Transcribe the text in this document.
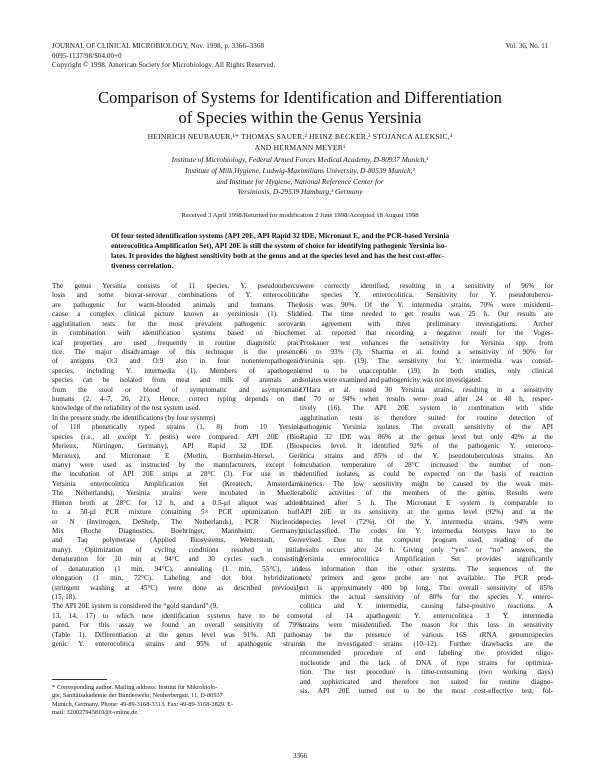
JOURNAL OF CLINICAL MICROBIOLOGY, Nov. 1998, p. 3366–3368
0095-1137/98/$04.00+0
Copyright © 1998, American Society for Microbiology. All Rights Reserved.
Vol. 36, No. 11
Comparison of Systems for Identification and Differentiation
of Species within the Genus Yersinia
HEINRICH NEUBAUER,¹* THOMAS SAUER,² HEINZ BECKER,² STOJANCA ALEKSIC,³
AND HERMANN MEYER¹
Institute of Microbiology, Federal Armed Forces Medical Academy, D-80937 Munich,¹
Institute of Milk Hygiene, Ludwig-Maximilians University, D-80539 Munich,²
and Institute for Hygiene, National Reference Center for
Yersiniosis, D-29539 Hamburg,³ Germany
Received 3 April 1998/Returned for modification 2 June 1998/Accepted 18 August 1998
Of four tested identification systems (API 20E, API Rapid 32 IDE, Micronaut E, and the PCR-based Yersinia
enterocolitica Amplification Set), API 20E is still the system of choice for identifying pathogenic Yersinia iso-
lates. It provides the highest sensitivity both at the genus and at the species level and has the best cost-effec-
tiveness correlation.
The genus Yersinia consists of 11 species. Y. pseudotubercu-
losis and some biovar-serovar combinations of Y. enterocolitica
are pathogenic for warm-blooded animals and humans. They
cause a complex clinical picture known as yersiniosis (1). Slide
agglutination tests for the most prevalent pathogenic serovars
in combination with identification systems based on biochem-
ical properties are used frequently in routine diagnostic prac-
tice. The major disadvantage of this technique is the presence
of antigens O:3 and O:9 also in four nonenteropathogenic
species, including Y. intermedia (1). Members of apathogenic
species can be isolated from meat and milk of animals and
from the stool or blood of symptomatic and asymptomatic
humans (2, 4–7, 20, 21). Hence, correct typing depends on the
knowledge of the reliability of the test system used.
In the present study, the identifications (by four systems)
of 118 phenetically typed strains (1, 8) from 10 Yersinia
species (i.e., all except Y. pestis) were compared. API 20E (Bio-
Merieux, Nürtingen, Germany), API Rapid 32 IDE (Bio-
Merieux), and Micronaut E (Merlin, Bornheim-Hersel, Ger-
many) were used as instructed by the manufacturers, except for
the incubation of API 20E strips at 28°C (3). For use in the
Yersinia enterocolitica Amplification Set (Kreatech, Amsterdam,
The Netherlands), Yersinia strains were incubated in Mueller-
Hinton broth at 28°C for 12 h, and a 0.5-µl aliquot was added
to a 50-µl PCR mixture containing 5× PCR optimization buff-
er N (Invitrogen, DeShelp, The Netherlands), PCR Nucleotide
Mix (Roche Diagnostics, Boehringer, Mannheim, Germany),
and Taq polymerase (Applied Biosystems, Weiterstadt, Ger-
many). Optimization of cycling conditions resulted in initial
denaturation for 10 min at 94°C and 30 cycles each consisting
of denaturation (1 min, 94°C), annealing (1 min, 55°C), and
elongation (1 min, 72°C). Labeling and dot blot hybridization
(stringent washing at 45°C) were done as described previously
(15, 18).
The API 20E system is considered the “gold standard” (9,
13, 14, 17) to which new identification systems have to be com-
pared. For this assay we found an overall sensitivity of 79%
(Table 1). Differentiation at the genus level was 91%. All patho-
genic Y. enterocolitica strains and 95% of apathogenic strains
were correctly identified, resulting in a sensitivity of 96% for
the species Y. enterocolitica. Sensitivity for Y. pseudotubercu-
losis was 90%. Of the Y. intermedia strains, 70% were misidenti-
fied. The time needed to get results was 25 h. Our results are
in agreement with three preliminary investigations. Archer
et al. reported that recording a negative result for the Voges-
Proskauer test enhances the sensitivity for Yersinia spp. from
66 to 93% (3). Sharma et al. found a sensitivity of 90% for
Yersinia spp. (19). The sensitivity for Y. intermedia was consid-
ered to be unacceptable (19). In both studies, only clinical
isolates were examined and pathogenicity was not investigated.
O'Hara et al. tested 30 Yersinia strains, resulting in a sensitivity
of 70 or 94% when results were read after 24 or 48 h, respec-
tively (16). The API 20E system in combination with slide
agglutination tests is therefore suited for routine detection of
pathogenic Yersinia isolates. The overall sensitivity of the API
Rapid 32 IDE was 86% at the genus level but only 42% at the
species level. It identified 92% of the pathogenic Y. enteroco-
litica strains and 85% of the Y. pseudotuberculosis strains. An
incubation temperature of 28°C increased the number of non-
identified isolates, as could be expected on the basis of reaction
kinetics. The low sensitivity might be caused by the weak met-
abolic activities of the members of the genus. Results were
obtained after 5 h. The Micronaut E system is comparable to
API 20E in its sensitivity at the genus level (92%) and at the
species level (72%). Of the Y. intermedia strains, 94% were
misclassified. The codes for Y. intermedia biotypes have to be
revised. Due to the computer program used, reading of the
results occurs after 24 h. Giving only “yes” or “no” answers, the
Yersinia enterocolitica Amplification Set provides significantly
less information than the other systems. The sequences of the
sets' primers and gene probe are not available. The PCR prod-
uct is approximately 400 bp long. The overall sensitivity of 85%
mimics the actual sensitivity of 80% for the species Y. entero-
colitica and Y. intermedia, causing false-positive reactions. A
total of 14 apathogenic Y. enterocolitica 3 Y. intermedia
strains were misidentified. The reason for this loss in sensitivity
may be the presence of various 16S rRNA genomospecies
in the investigated strains (10–12). Further drawbacks are the
recommended procedure of end labeling the provided oligo-
nucleotide and the lack of DNA of type strains for optimiza-
tion. The test procedure is time-consuming (two working days)
and sophisticated and therefore not suited for routine diagno-
sis. API 20E turned out to be the most cost-effective test, fol-
* Corresponding author. Mailing address: Institut für Mikrobiolo-
gie, Sanitätsakademie der Bundeswehr, Neuherbergstr. 11, D-80937
Munich, Germany. Phone: 49-89-3168-3313. Fax: 49-89-3168-3829. E-
mail: 320027945810@t-online.de.
3366
